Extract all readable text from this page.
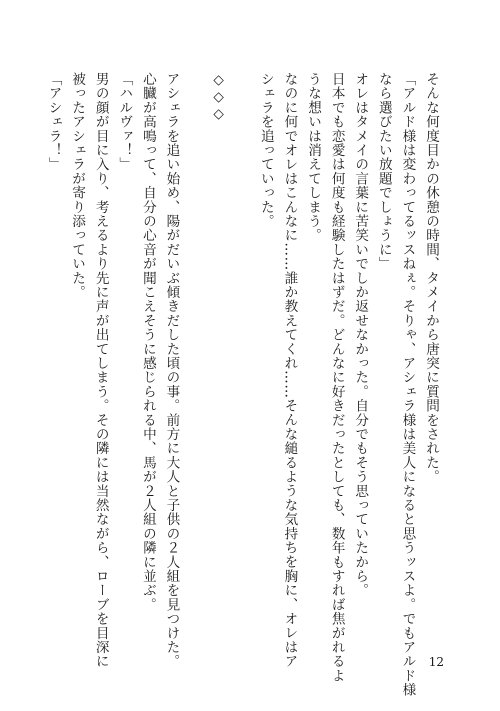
そんな何度目かの休憩の時間、タメイから唐突に質問をされた。
「アルド様は変わってるッスねぇ。そりゃ、アシェラ様は美人になると思うッスよ。でもアルド様
なら選びたい放題でしょうに」
オレはタメイの言葉に苦笑いでしか返せなかった。自分でもそう思っていたから。
日本でも恋愛は何度も経験したはずだ。どんなに好きだったとしても、数年もすれば焦がれるよ
うな想いは消えてしまう。
なのに何でオレはこんなに……誰か教えてくれ……そんな縋るような気持ちを胸に、オレはア
シェラを追っていった。
◇◇◇
アシェラを追い始め、陽がだいぶ傾きだした頃の事。前方に大人と子供の２人組を見つけた。
心臓が高鳴って、自分の心音が聞こえそうに感じられる中、馬が２人組の隣に並ぶ。
「ハルヴァ！」
男の顔が目に入り、考えるより先に声が出てしまう。その隣には当然ながら、ローブを目深に
被ったアシェラが寄り添っていた。
「アシェラ！」
12
